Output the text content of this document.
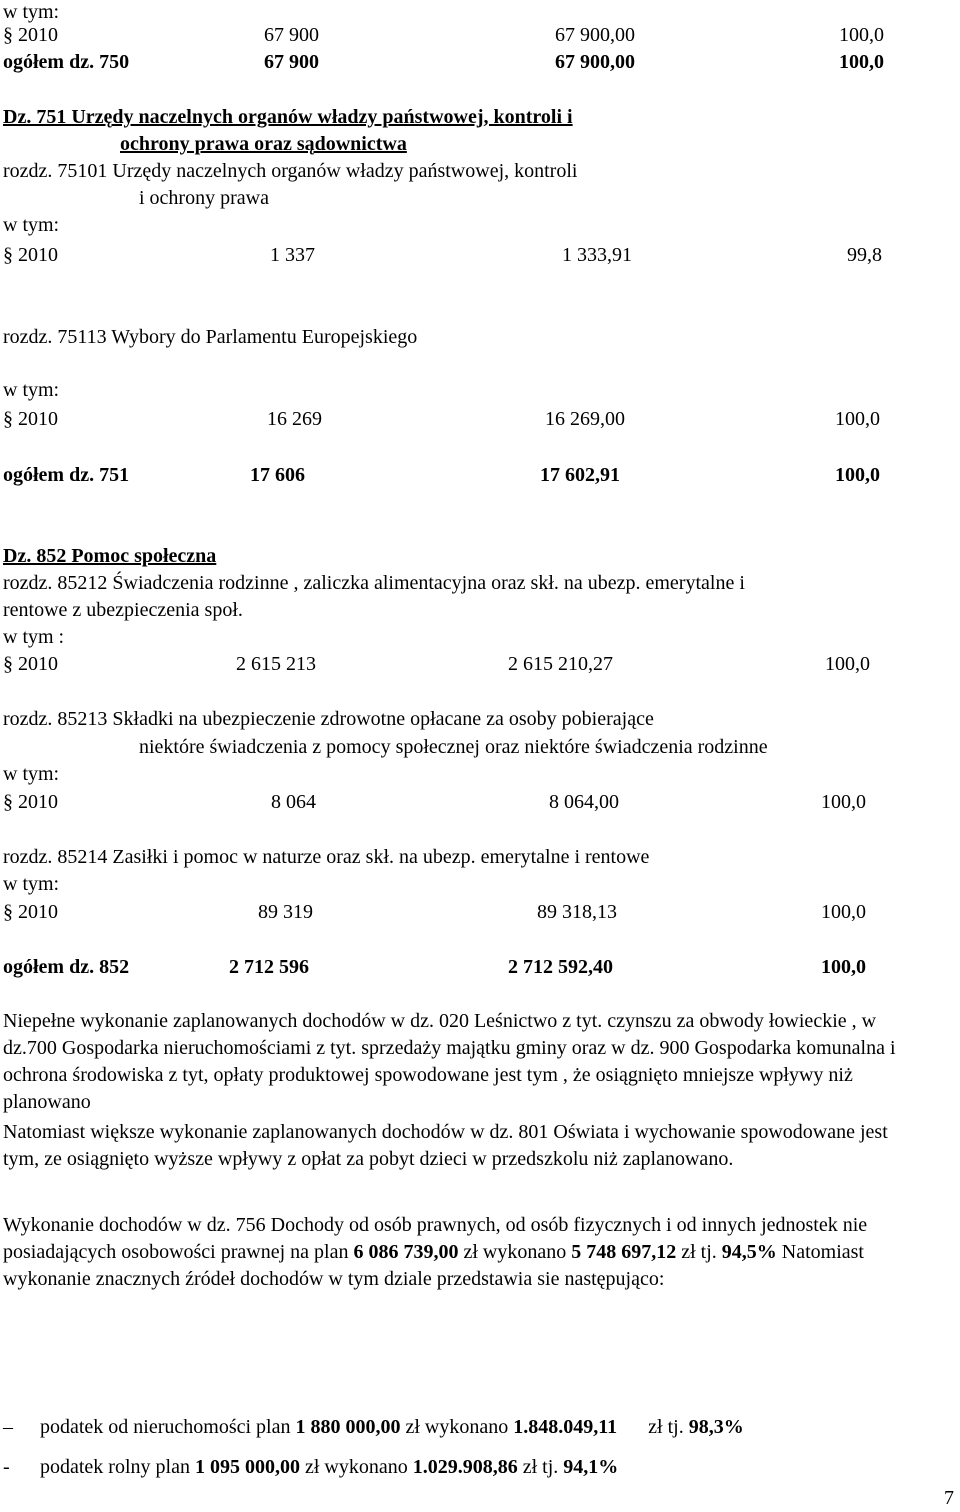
w tym:
§ 2010	67 900	67 900,00	100,0
ogółem dz. 750	67 900	67 900,00	100,0
Dz. 751 Urzędy naczelnych organów władzy państwowej, kontroli i
ochrony prawa oraz sądownictwa
rozdz. 75101 Urzędy naczelnych organów władzy państwowej, kontroli
i ochrony prawa
w tym:
§ 2010	1 337	1 333,91	99,8
rozdz. 75113 Wybory do Parlamentu Europejskiego
w tym:
§ 2010	16 269	16 269,00	100,0
ogółem dz. 751	17 606	17 602,91	100,0
Dz. 852 Pomoc społeczna
rozdz. 85212 Świadczenia rodzinne , zaliczka alimentacyjna oraz skł. na ubezp. emerytalne i
rentowe z ubezpieczenia społ.
w tym :
§ 2010	2 615 213	2 615 210,27	100,0
rozdz. 85213 Składki na ubezpieczenie zdrowotne opłacane za osoby pobierające
niektóre świadczenia z pomocy społecznej oraz niektóre świadczenia rodzinne
w tym:
§ 2010	8 064	8 064,00	100,0
rozdz. 85214 Zasiłki i pomoc w naturze oraz skł. na ubezp. emerytalne i rentowe
w tym:
§ 2010	89 319	89 318,13	100,0
ogółem dz. 852	2 712 596	2 712 592,40	100,0
Niepełne wykonanie zaplanowanych dochodów w dz. 020 Leśnictwo z tyt. czynszu za obwody łowieckie , w dz.700 Gospodarka nieruchomościami z tyt. sprzedaży majątku gminy oraz w dz. 900 Gospodarka komunalna i ochrona środowiska z tyt, opłaty produktowej spowodowane jest tym , że osiągnięto mniejsze wpływy niż planowano
Natomiast większe wykonanie zaplanowanych dochodów w dz. 801 Oświata i wychowanie spowodowane jest tym, ze osiągnięto wyższe wpływy z opłat za pobyt dzieci w przedszkolu niż zaplanowano.
Wykonanie dochodów w dz. 756 Dochody od osób prawnych, od osób fizycznych i od innych jednostek nie posiadających osobowości prawnej na plan 6 086 739,00 zł wykonano 5 748 697,12 zł tj. 94,5% Natomiast wykonanie znacznych źródeł dochodów w tym dziale przedstawia sie następująco:
– podatek od nieruchomości plan 1 880 000,00 zł wykonano 1.848.049,11 zł tj. 98,3%
- podatek rolny plan 1 095 000,00 zł wykonano 1.029.908,86 zł tj. 94,1%
7
